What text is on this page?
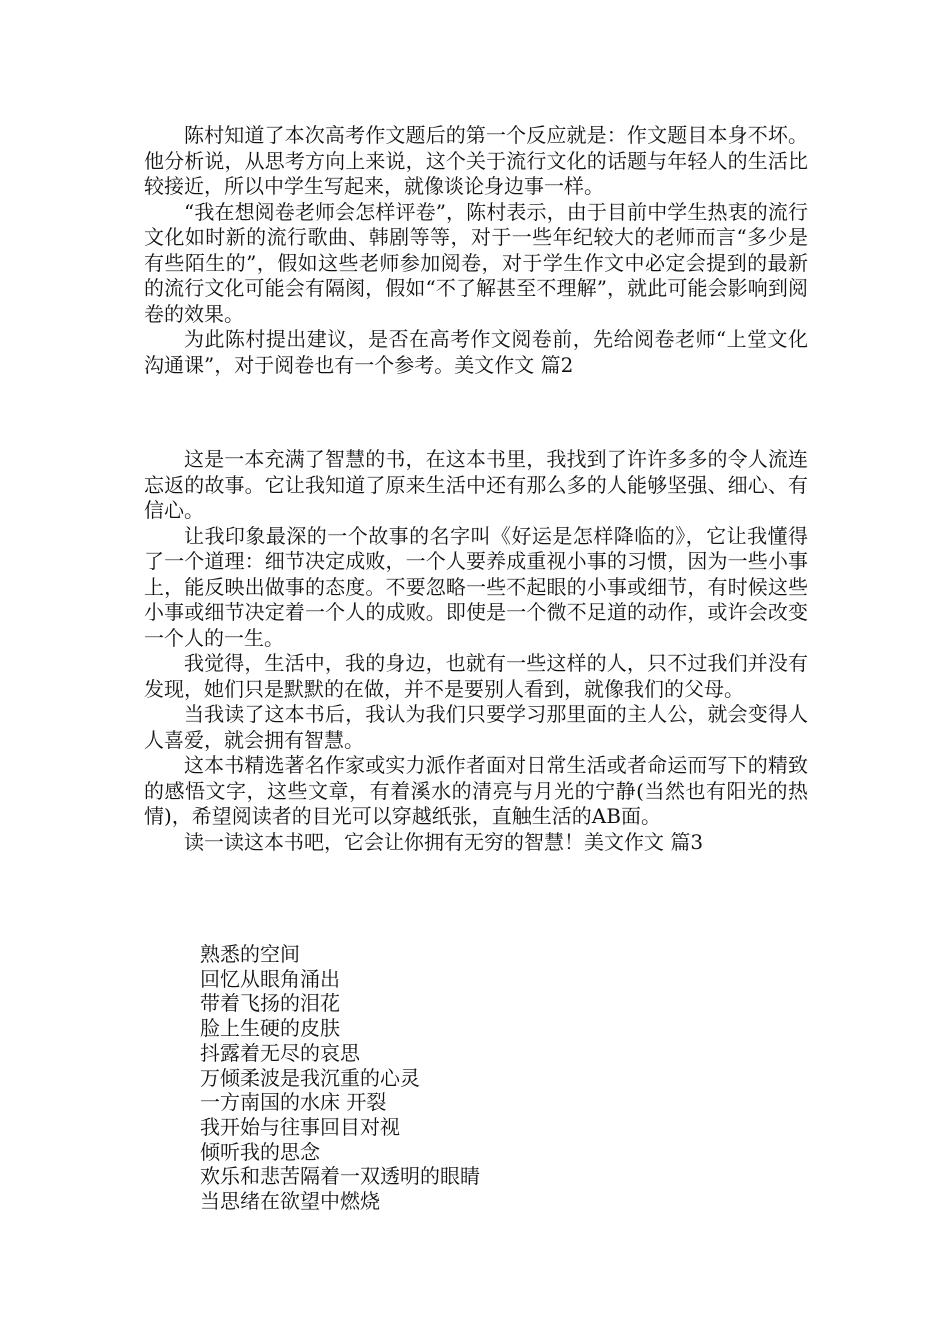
陈村知道了本次高考作文题后的第一个反应就是：作文题目本身不坏。他分析说，从思考方向上来说，这个关于流行文化的话题与年轻人的生活比较接近，所以中学生写起来，就像谈论身边事一样。

“我在想阅卷老师会怎样评卷”，陈村表示，由于目前中学生热衷的流行文化如时新的流行歌曲、韩剧等等，对于一些年纪较大的老师而言“多少是有些陌生的”，假如这些老师参加阅卷，对于学生作文中必定会提到的最新的流行文化可能会有隔阂，假如“不了解甚至不理解”，就此可能会影响到阅卷的效果。

为此陈村提出建议，是否在高考作文阅卷前，先给阅卷老师“上堂文化沟通课”，对于阅卷也有一个参考。美文作文 篇2

这是一本充满了智慧的书，在这本书里，我找到了许许多多的令人流连忘返的故事。它让我知道了原来生活中还有那么多的人能够坚强、细心、有信心。

让我印象最深的一个故事的名字叫《好运是怎样降临的》，它让我懂得了一个道理：细节决定成败，一个人要养成重视小事的习惯，因为一些小事上，能反映出做事的态度。不要忽略一些不起眼的小事或细节，有时候这些小事或细节决定着一个人的成败。即使是一个微不足道的动作，或许会改变一个人的一生。

我觉得，生活中，我的身边，也就有一些这样的人，只不过我们并没有发现，她们只是默默的在做，并不是要别人看到，就像我们的父母。

当我读了这本书后，我认为我们只要学习那里面的主人公，就会变得人人喜爱，就会拥有智慧。

这本书精选著名作家或实力派作者面对日常生活或者命运而写下的精致的感悟文字，这些文章，有着溪水的清亮与月光的宁静(当然也有阳光的热情)，希望阅读者的目光可以穿越纸张，直触生活的AB面。

读一读这本书吧，它会让你拥有无穷的智慧！美文作文 篇3

熟悉的空间

回忆从眼角涌出

带着飞扬的泪花

脸上生硬的皮肤

抖露着无尽的哀思

万倾柔波是我沉重的心灵

一方南国的水床 开裂

我开始与往事回目对视

倾听我的思念

欢乐和悲苦隔着一双透明的眼睛

当思绪在欲望中燃烧
